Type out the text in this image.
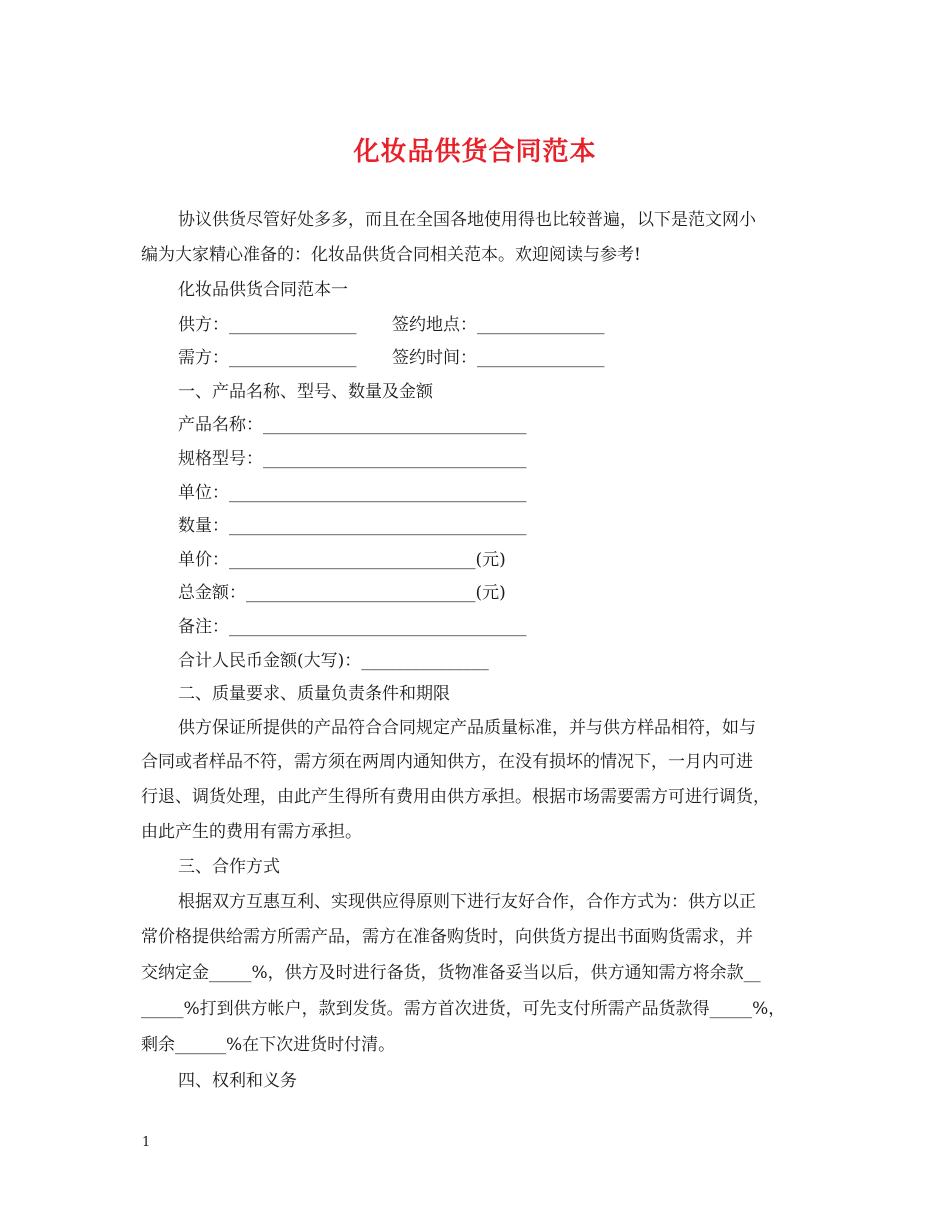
化妆品供货合同范本
协议供货尽管好处多多，而且在全国各地使用得也比较普遍，以下是范文网小
编为大家精心准备的：化妆品供货合同相关范本。欢迎阅读与参考!
化妆品供货合同范本一
供方：_______________ 签约地点：_______________
需方：_______________ 签约时间：_______________
一、产品名称、型号、数量及金额
产品名称：_______________________________
规格型号：_______________________________
单位：___________________________________
数量：___________________________________
单价：_____________________________(元)
总金额：___________________________(元)
备注：___________________________________
合计人民币金额(大写)：_______________
二、质量要求、质量负责条件和期限
供方保证所提供的产品符合合同规定产品质量标准，并与供方样品相符，如与
合同或者样品不符，需方须在两周内通知供方，在没有损坏的情况下，一月内可进
行退、调货处理，由此产生得所有费用由供方承担。根据市场需要需方可进行调货，
由此产生的费用有需方承担。
三、合作方式
根据双方互惠互利、实现供应得原则下进行友好合作，合作方式为：供方以正
常价格提供给需方所需产品，需方在准备购货时，向供货方提出书面购货需求，并
交纳定金_____%，供方及时进行备货，货物准备妥当以后，供方通知需方将余款__
_____%打到供方帐户，款到发货。需方首次进货，可先支付所需产品货款得_____%，
剩余______%在下次进货时付清。
四、权利和义务
1
